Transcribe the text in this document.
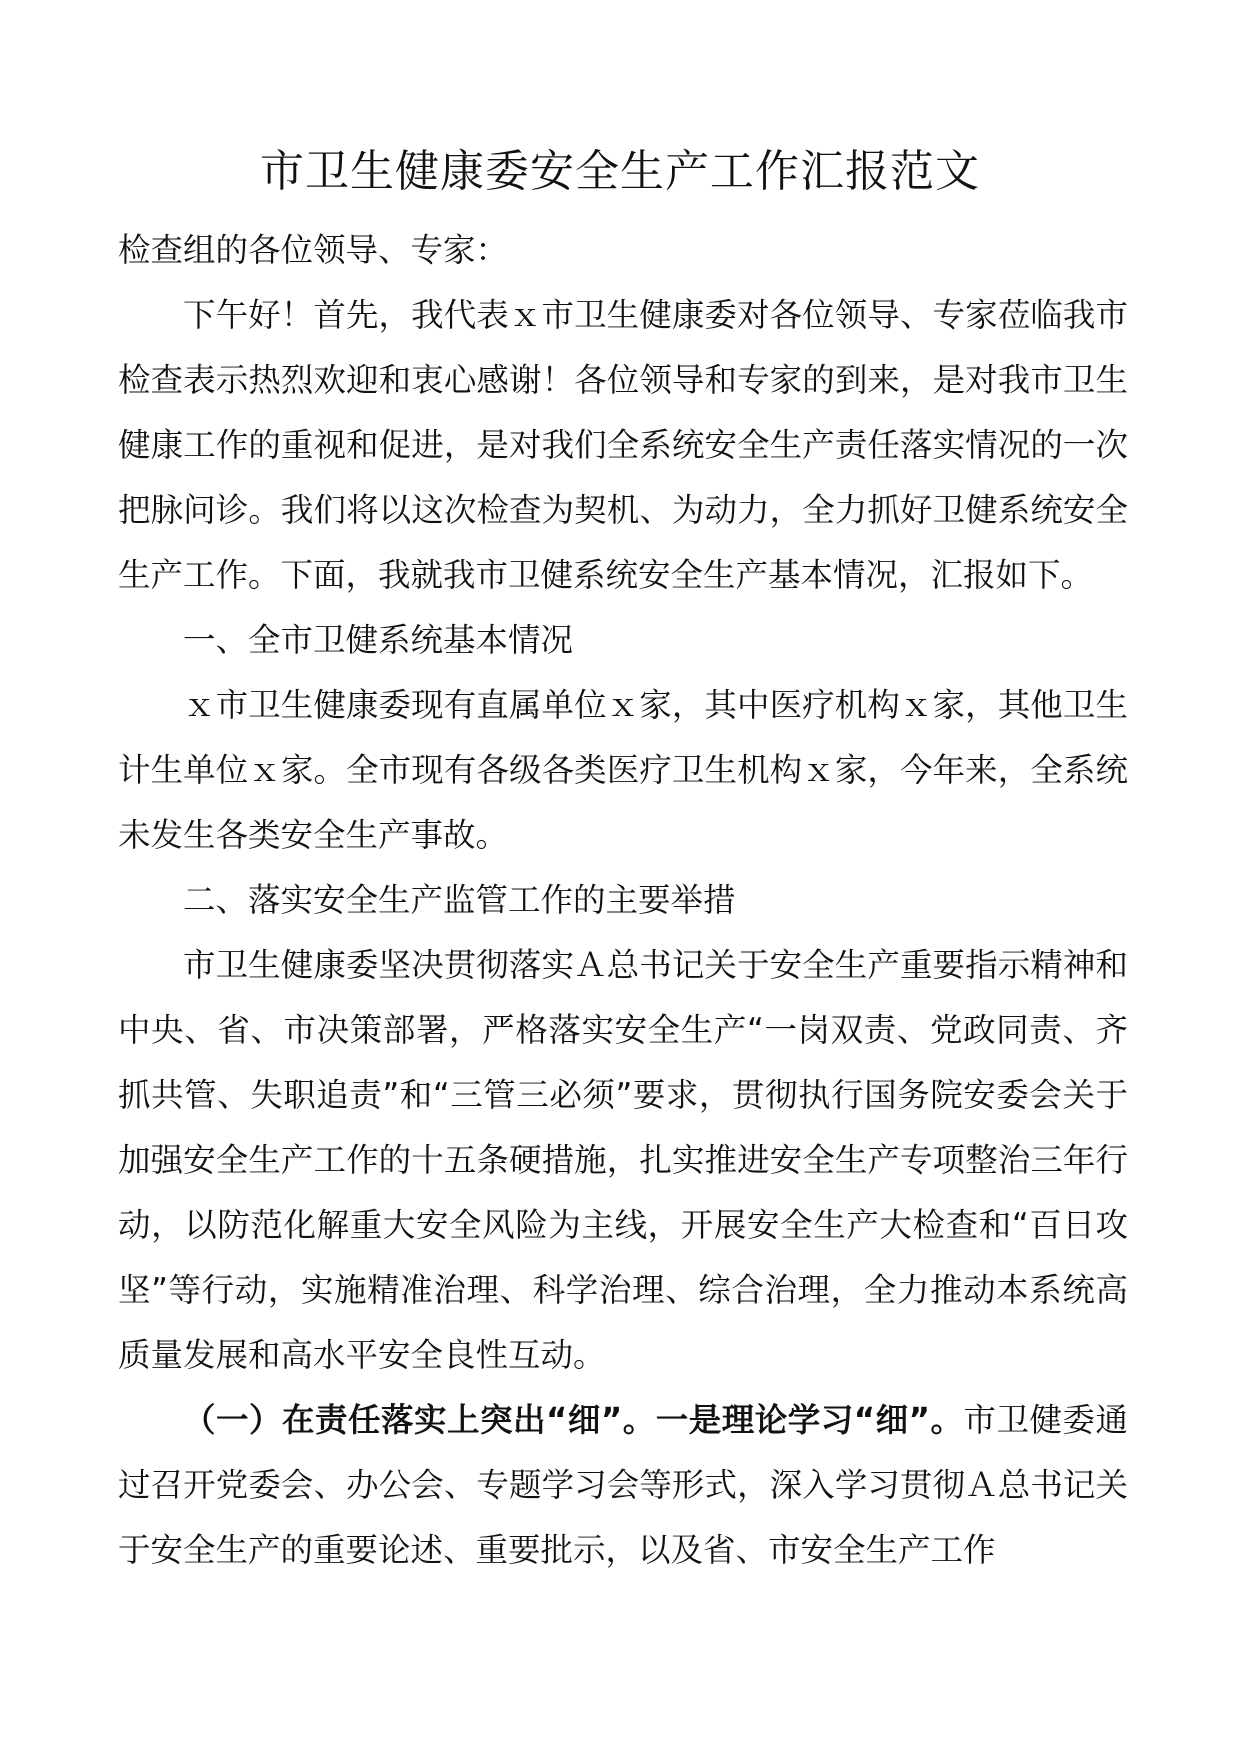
市卫生健康委安全生产工作汇报范文

检查组的各位领导、专家：

下午好！首先，我代表ｘ市卫生健康委对各位领导、专家莅临我市检查表示热烈欢迎和衷心感谢！各位领导和专家的到来，是对我市卫生健康工作的重视和促进，是对我们全系统安全生产责任落实情况的一次把脉问诊。我们将以这次检查为契机、为动力，全力抓好卫健系统安全生产工作。下面，我就我市卫健系统安全生产基本情况，汇报如下。

一、全市卫健系统基本情况

ｘ市卫生健康委现有直属单位ｘ家，其中医疗机构ｘ家，其他卫生计生单位ｘ家。全市现有各级各类医疗卫生机构ｘ家，今年来，全系统未发生各类安全生产事故。

二、落实安全生产监管工作的主要举措

市卫生健康委坚决贯彻落实Ａ总书记关于安全生产重要指示精神和中央、省、市决策部署，严格落实安全生产“一岗双责、党政同责、齐抓共管、失职追责”和“三管三必须”要求，贯彻执行国务院安委会关于加强安全生产工作的十五条硬措施，扎实推进安全生产专项整治三年行动，以防范化解重大安全风险为主线，开展安全生产大检查和“百日攻坚”等行动，实施精准治理、科学治理、综合治理，全力推动本系统高质量发展和高水平安全良性互动。

（一）在责任落实上突出“细”。一是理论学习“细”。市卫健委通过召开党委会、办公会、专题学习会等形式，深入学习贯彻Ａ总书记关于安全生产的重要论述、重要批示，以及省、市安全生产工作
